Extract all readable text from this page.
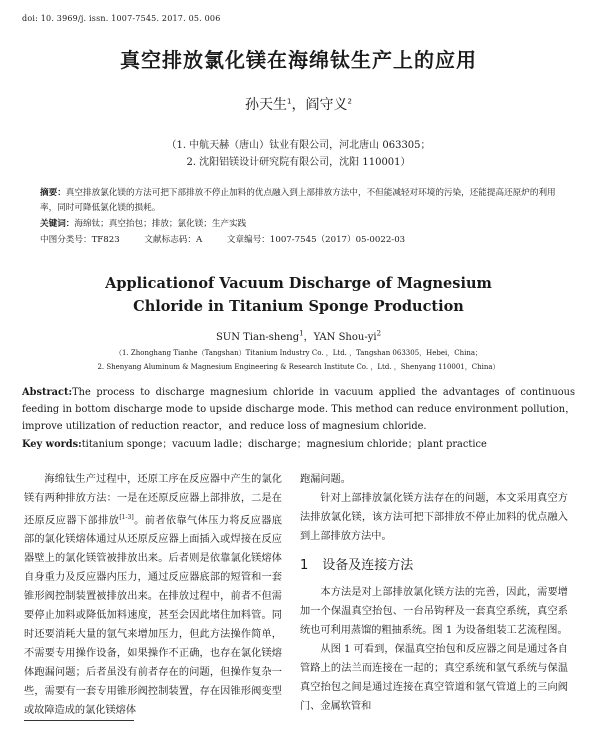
doi: 10. 3969/j. issn. 1007-7545. 2017. 05. 006
真空排放氯化镁在海绵钛生产上的应用
孙天生$^1$，阎守义$^2$
（1. 中航天赫（唐山）钛业有限公司，河北唐山 063305；
2. 沈阳铝镁设计研究院有限公司，沈阳 110001）
摘要：真空排放氯化镁的方法可把下部排放不停止加料的优点融入到上部排放方法中，不但能减轻对环境的污染，还能提高还原炉的利用率，同时可降低氯化镁的损耗。
关键词：海绵钛；真空抬包；排放；氯化镁；生产实践
中图分类号：TF823	文献标志码：A	文章编号：1007-7545（2017）05-0022-03
Applicationof Vacuum Discharge of Magnesium
Chloride in Titanium Sponge Production
SUN Tian-sheng$^1$，YAN Shou-$yi^2$
（1. Zhonghang Tianhe（Tangshan）Titanium Industry Co. ，Ltd. ，Tangshan 063305，Hebei，China；
2. Shenyang Aluminum & Magnesium Engineering & Research Institute Co. ，Ltd. ，Shenyang 110001，China）
Abstract:The process to discharge magnesium chloride in vacuum applied the advantages of continuous feeding in bottom discharge mode to upside discharge mode. This method can reduce environment pollution，improve utilization of reduction reactor，and reduce loss of magnesium chloride.
Key words:titanium sponge；vacuum ladle；discharge；magnesium chloride；plant practice

海绵钛生产过程中，还原工序在反应器中产生的氯化镁有两种排放方法：一是在还原反应器上部排放，二是在还原反应器下部排放[1-3]。前者依靠气体压力将反应器底部的氯化镁熔体通过从还原反应器上面插入或焊接在反应器壁上的氯化镁管被排放出来。后者则是依靠氯化镁熔体自身重力及反应器内压力，通过反应器底部的短管和一套锥形阀控制装置被排放出来。在排放过程中，前者不但需要停止加料或降低加料速度，甚至会因此堵住加料管。同时还要消耗大量的氩气来增加压力，但此方法操作简单，不需要专用操作设备，如果操作不正确，也存在氯化镁熔体跑漏问题；后者虽没有前者存在的问题，但操作复杂一些，需要有一套专用锥形阀控制装置，存在因锥形阀变型或故障造成的氯化镁熔体

跑漏问题。

针对上部排放氯化镁方法存在的问题，本文采用真空方法排放氯化镁，该方法可把下部排放不停止加料的优点融入到上部排放方法中。

1 设备及连接方法

本方法是对上部排放氯化镁方法的完善，因此，需要增加一个保温真空抬包、一台吊钩秤及一套真空系统，真空系统也可利用蒸馏的粗抽系统。图 1 为设备组装工艺流程图。

从图 1 可看到，保温真空抬包和反应器之间是通过各自管路上的法兰而连接在一起的；真空系统和氩气系统与保温真空抬包之间是通过连接在真空管道和氩气管道上的三向阀门、金属软管和
